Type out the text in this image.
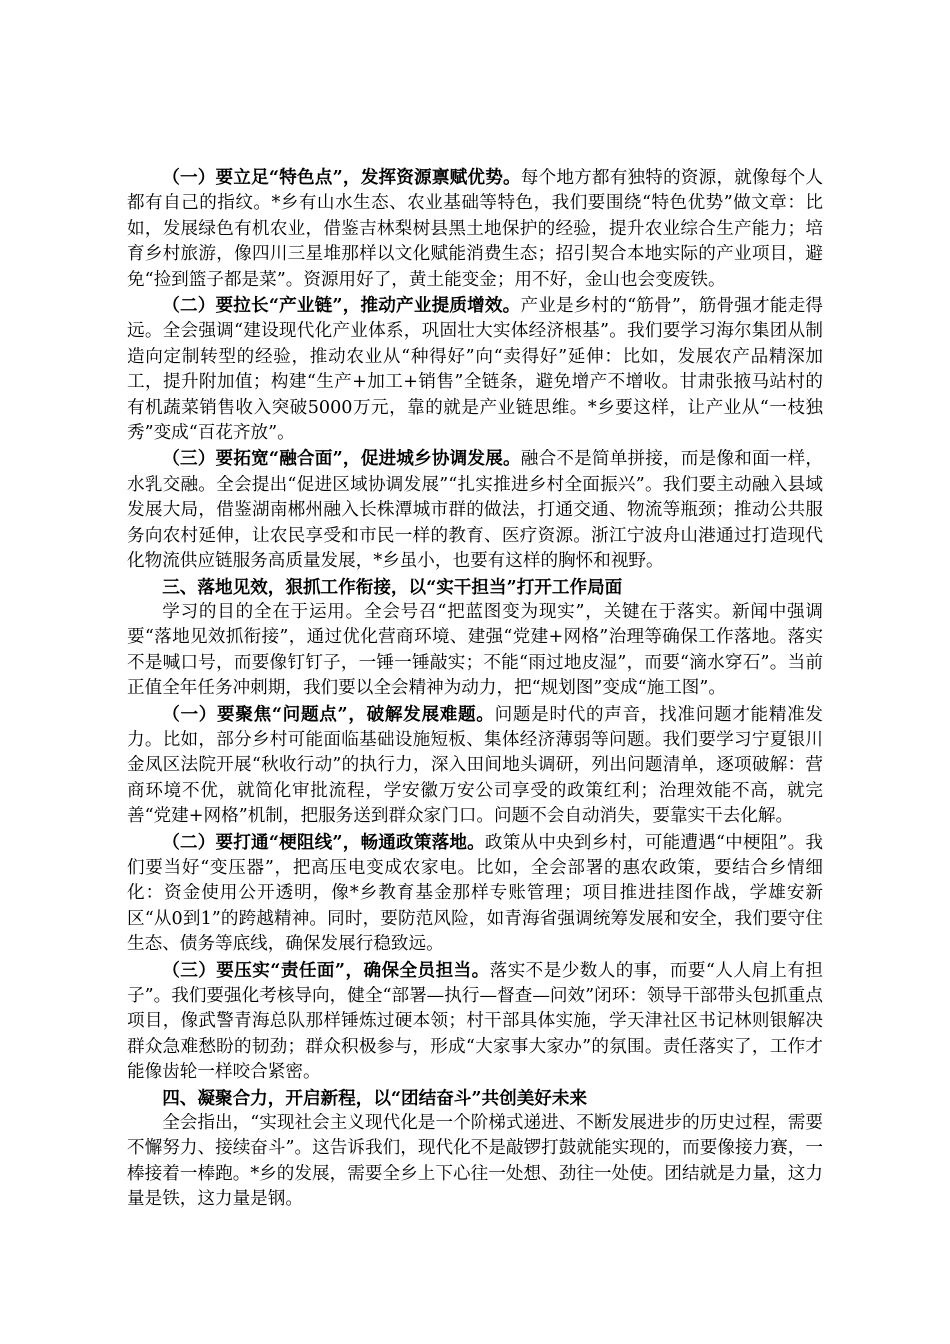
（一）要立足“特色点”，发挥资源禀赋优势。每个地方都有独特的资源，就像每个人都有自己的指纹。*乡有山水生态、农业基础等特色，我们要围绕“特色优势”做文章：比如，发展绿色有机农业，借鉴吉林梨树县黑土地保护的经验，提升农业综合生产能力；培育乡村旅游，像四川三星堆那样以文化赋能消费生态；招引契合本地实际的产业项目，避免“捡到篮子都是菜”。资源用好了，黄土能变金；用不好，金山也会变废铁。

（二）要拉长“产业链”，推动产业提质增效。产业是乡村的“筋骨”，筋骨强才能走得远。全会强调“建设现代化产业体系，巩固壮大实体经济根基”。我们要学习海尔集团从制造向定制转型的经验，推动农业从“种得好”向“卖得好”延伸：比如，发展农产品精深加工，提升附加值；构建“生产+加工+销售”全链条，避免增产不增收。甘肃张掖马站村的有机蔬菜销售收入突破5000万元，靠的就是产业链思维。*乡要这样，让产业从“一枝独秀”变成“百花齐放”。

（三）要拓宽“融合面”，促进城乡协调发展。融合不是简单拼接，而是像和面一样，水乳交融。全会提出“促进区域协调发展”“扎实推进乡村全面振兴”。我们要主动融入县域发展大局，借鉴湖南郴州融入长株潭城市群的做法，打通交通、物流等瓶颈；推动公共服务向农村延伸，让农民享受和市民一样的教育、医疗资源。浙江宁波舟山港通过打造现代化物流供应链服务高质量发展，*乡虽小，也要有这样的胸怀和视野。

三、落地见效，狠抓工作衔接，以“实干担当”打开工作局面

学习的目的全在于运用。全会号召“把蓝图变为现实”，关键在于落实。新闻中强调要“落地见效抓衔接”，通过优化营商环境、建强“党建+网格”治理等确保工作落地。落实不是喊口号，而要像钉钉子，一锤一锤敲实；不能“雨过地皮湿”，而要“滴水穿石”。当前正值全年任务冲刺期，我们要以全会精神为动力，把“规划图”变成“施工图”。

（一）要聚焦“问题点”，破解发展难题。问题是时代的声音，找准问题才能精准发力。比如，部分乡村可能面临基础设施短板、集体经济薄弱等问题。我们要学习宁夏银川金凤区法院开展“秋收行动”的执行力，深入田间地头调研，列出问题清单，逐项破解：营商环境不优，就简化审批流程，学安徽万安公司享受的政策红利；治理效能不高，就完善“党建+网格”机制，把服务送到群众家门口。问题不会自动消失，要靠实干去化解。

（二）要打通“梗阻线”，畅通政策落地。政策从中央到乡村，可能遭遇“中梗阻”。我们要当好“变压器”，把高压电变成农家电。比如，全会部署的惠农政策，要结合乡情细化：资金使用公开透明，像*乡教育基金那样专账管理；项目推进挂图作战，学雄安新区“从0到1”的跨越精神。同时，要防范风险，如青海省强调统筹发展和安全，我们要守住生态、债务等底线，确保发展行稳致远。

（三）要压实“责任面”，确保全员担当。落实不是少数人的事，而要“人人肩上有担子”。我们要强化考核导向，健全“部署—执行—督查—问效”闭环：领导干部带头包抓重点项目，像武警青海总队那样锤炼过硬本领；村干部具体实施，学天津社区书记林则银解决群众急难愁盼的韧劲；群众积极参与，形成“大家事大家办”的氛围。责任落实了，工作才能像齿轮一样咬合紧密。

四、凝聚合力，开启新程，以“团结奋斗”共创美好未来

全会指出，“实现社会主义现代化是一个阶梯式递进、不断发展进步的历史过程，需要不懈努力、接续奋斗”。这告诉我们，现代化不是敲锣打鼓就能实现的，而要像接力赛，一棒接着一棒跑。*乡的发展，需要全乡上下心往一处想、劲往一处使。团结就是力量，这力量是铁，这力量是钢。
